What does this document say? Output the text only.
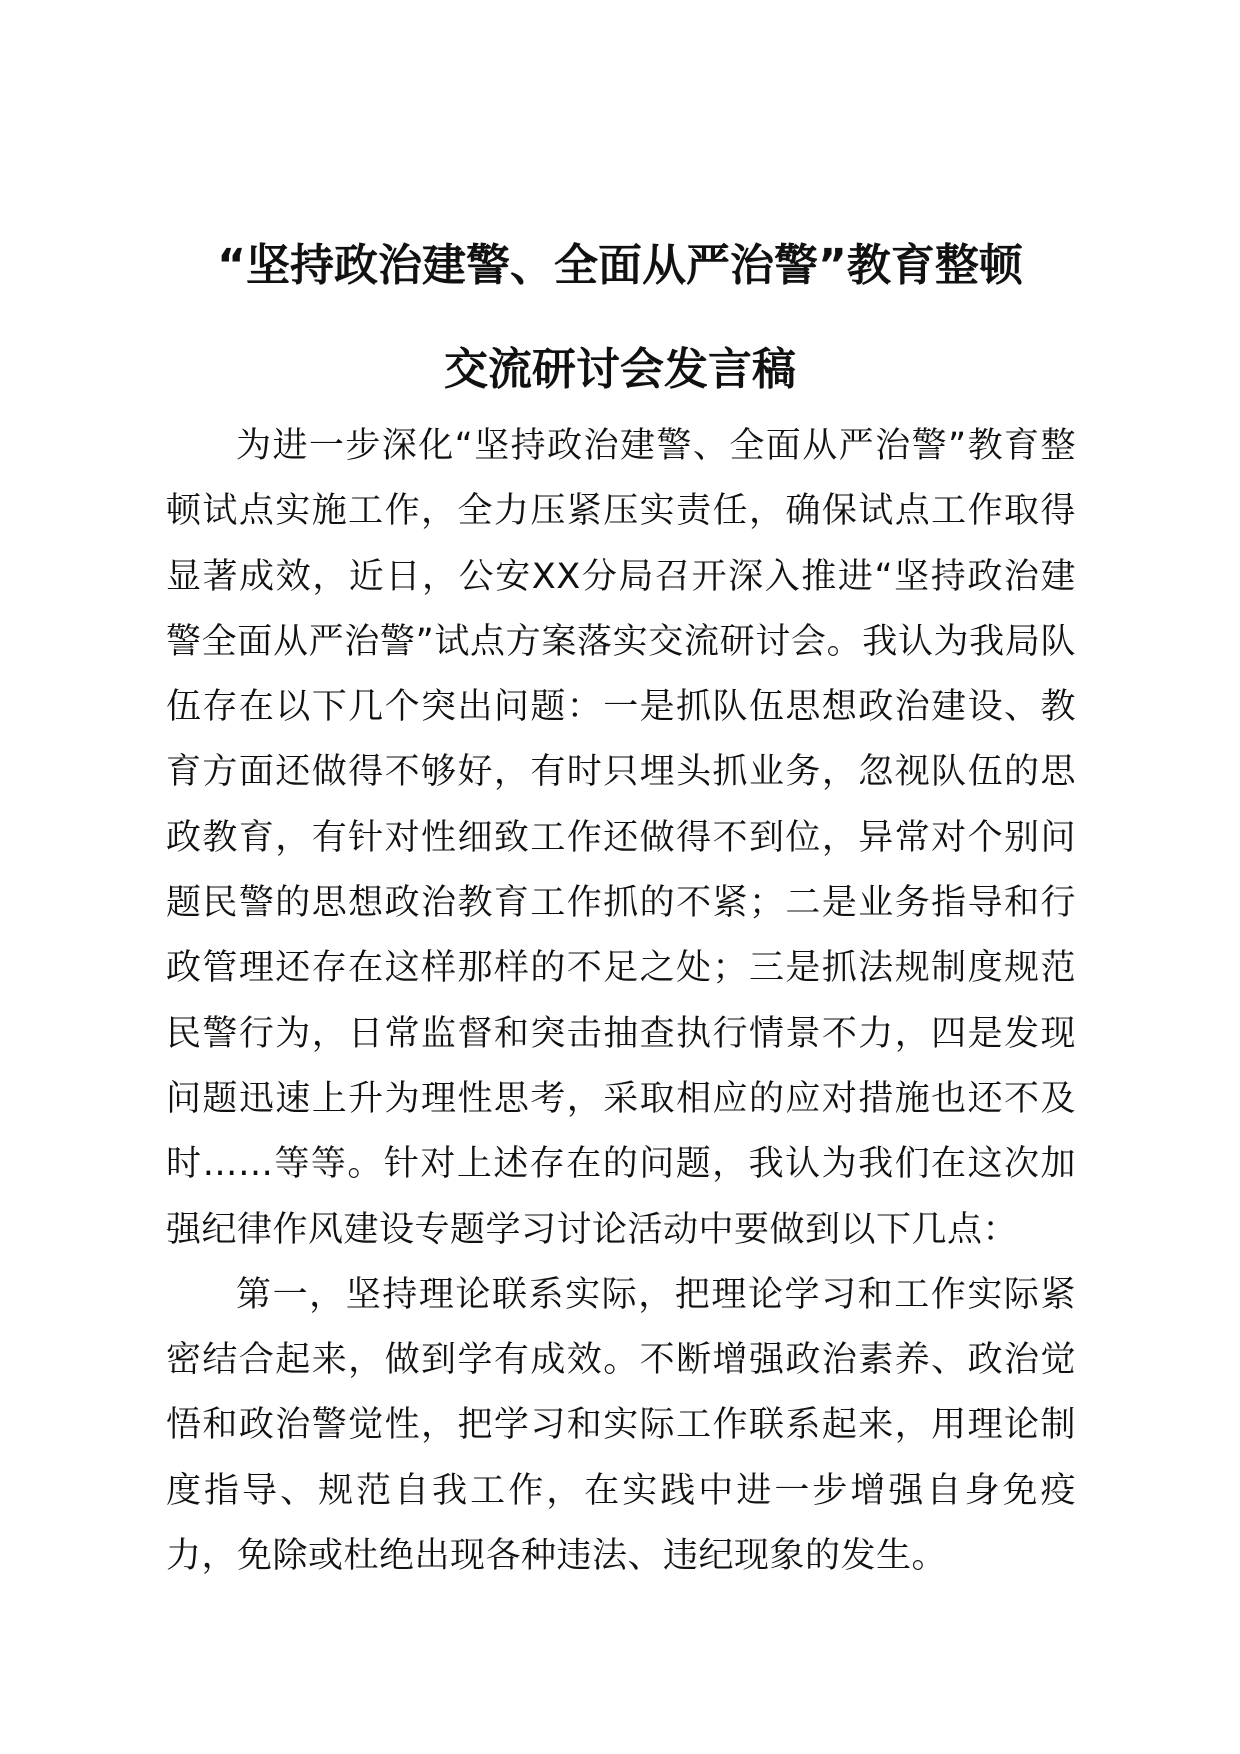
“坚持政治建警、全面从严治警”教育整顿
交流研讨会发言稿

为进一步深化“坚持政治建警、全面从严治警”教育整顿试点实施工作，全力压紧压实责任，确保试点工作取得显著成效，近日，公安XX分局召开深入推进“坚持政治建警全面从严治警”试点方案落实交流研讨会。我认为我局队伍存在以下几个突出问题：一是抓队伍思想政治建设、教育方面还做得不够好，有时只埋头抓业务，忽视队伍的思政教育，有针对性细致工作还做得不到位，异常对个别问题民警的思想政治教育工作抓的不紧；二是业务指导和行政管理还存在这样那样的不足之处；三是抓法规制度规范民警行为，日常监督和突击抽查执行情景不力，四是发现问题迅速上升为理性思考，采取相应的应对措施也还不及时……等等。针对上述存在的问题，我认为我们在这次加强纪律作风建设专题学习讨论活动中要做到以下几点：

第一，坚持理论联系实际，把理论学习和工作实际紧密结合起来，做到学有成效。不断增强政治素养、政治觉悟和政治警觉性，把学习和实际工作联系起来，用理论制度指导、规范自我工作，在实践中进一步增强自身免疫力，免除或杜绝出现各种违法、违纪现象的发生。
